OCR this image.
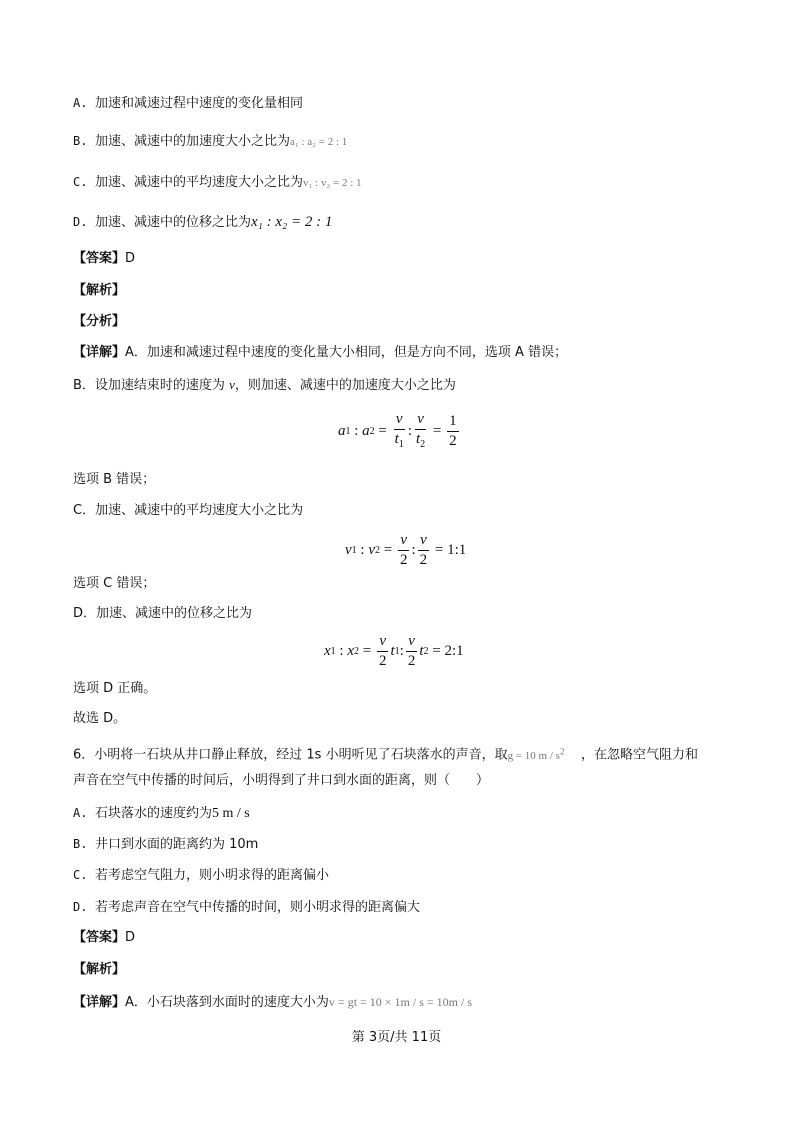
A. 加速和减速过程中速度的变化量相同
B. 加速、减速中的加速度大小之比为a₁ : a₂ = 2 : 1
C. 加速、减速中的平均速度大小之比为v₁ : v₂ = 2 : 1
D. 加速、减速中的位移之比为x₁ : x₂ = 2 : 1
【答案】D
【解析】
【分析】
【详解】A．加速和减速过程中速度的变化量大小相同，但是方向不同，选项 A 错误；
B．设加速结束时的速度为 v，则加速、减速中的加速度大小之比为
a 1 : a $2 = \frac{v}{t_1}$ : $\frac{v}{t_2} = \frac{1}{2}$
选项 B 错误；
C．加速、减速中的平均速度大小之比为
v 1 : v $2 = \frac{v}{2}$ : $\frac{v}{2}$ = 1:1
选项 C 错误；
D．加速、减速中的位移之比为
x 1 : x $2 = \frac{v}{2}$ t 1 : $\frac{v}{2}$ t 2 = 2:1
选项 D 正确。
故选 D。
6．小明将一石块从井口静止释放，经过 1s 小明听见了石块落水的声音，取g = 10 m / $s^2$ ，在忽略空气阻力和
声音在空气中传播的时间后，小明得到了井口到水面的距离，则（　　）
A. 石块落水的速度约为5 m / s
B. 井口到水面的距离约为 10m
C. 若考虑空气阻力，则小明求得的距离偏小
D. 若考虑声音在空气中传播的时间，则小明求得的距离偏大
【答案】D
【解析】
【详解】A．小石块落到水面时的速度大小为v = gt = 10 × 1m / s = 10m / s
第 3页/共 11页
